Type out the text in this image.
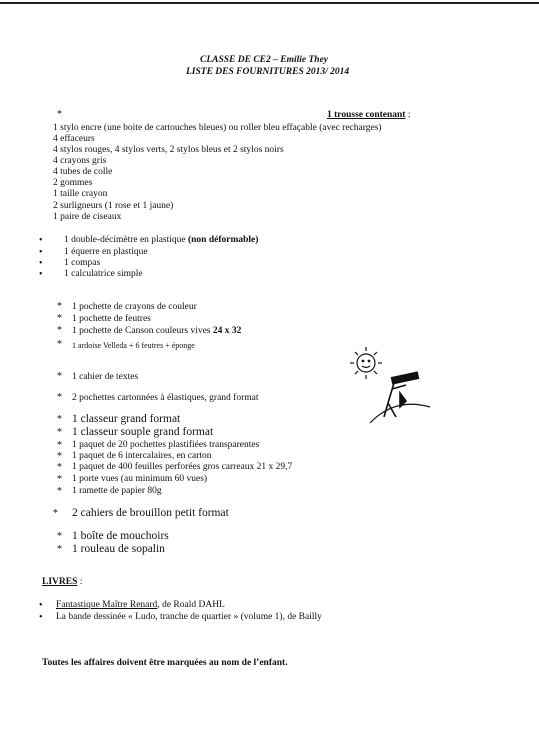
CLASSE DE CE2 – Emilie They
LISTE DES FOURNITURES 2013/ 2014
*	1 trousse contenant :
1 stylo encre (une boite de cartouches bleues) ou roller bleu effaçable (avec recharges)
4 effaceurs
4 stylos rouges, 4 stylos verts, 2 stylos bleus et 2 stylos noirs
4 crayons gris
4 tubes de colle
2 gommes
1 taille crayon
2 surligneurs (1 rose et 1 jaune)
1 paire de ciseaux
• 1 double-décimètre en plastique (non déformable)
• 1 équerre en plastique
• 1 compas
• 1 calculatrice simple
* 1 pochette de crayons de couleur
* 1 pochette de feutres
* 1 pochette de Canson couleurs vives 24 x 32
* 1 ardoise Velleda + 6 feutres + éponge
* 1 cahier de textes
* 2 pochettes cartonnées à élastiques, grand format
* 1 classeur grand format
* 1 classeur souple grand format
* 1 paquet de 20 pochettes plastifiées transparentes
* 1 paquet de 6 intercalaires, en carton
* 1 paquet de 400 feuilles perforées gros carreaux 21 x 29,7
* 1 porte vues (au minimum 60 vues)
* 1 ramette de papier 80g
* 2 cahiers de brouillon petit format
* 1 boîte de mouchoirs
* 1 rouleau de sopalin
LIVRES :
• Fantastique Maître Renard, de Roald DAHL
• La bande dessinée « Ludo, tranche de quartier » (volume 1), de Bailly
Toutes les affaires doivent être marquées au nom de l’enfant.
